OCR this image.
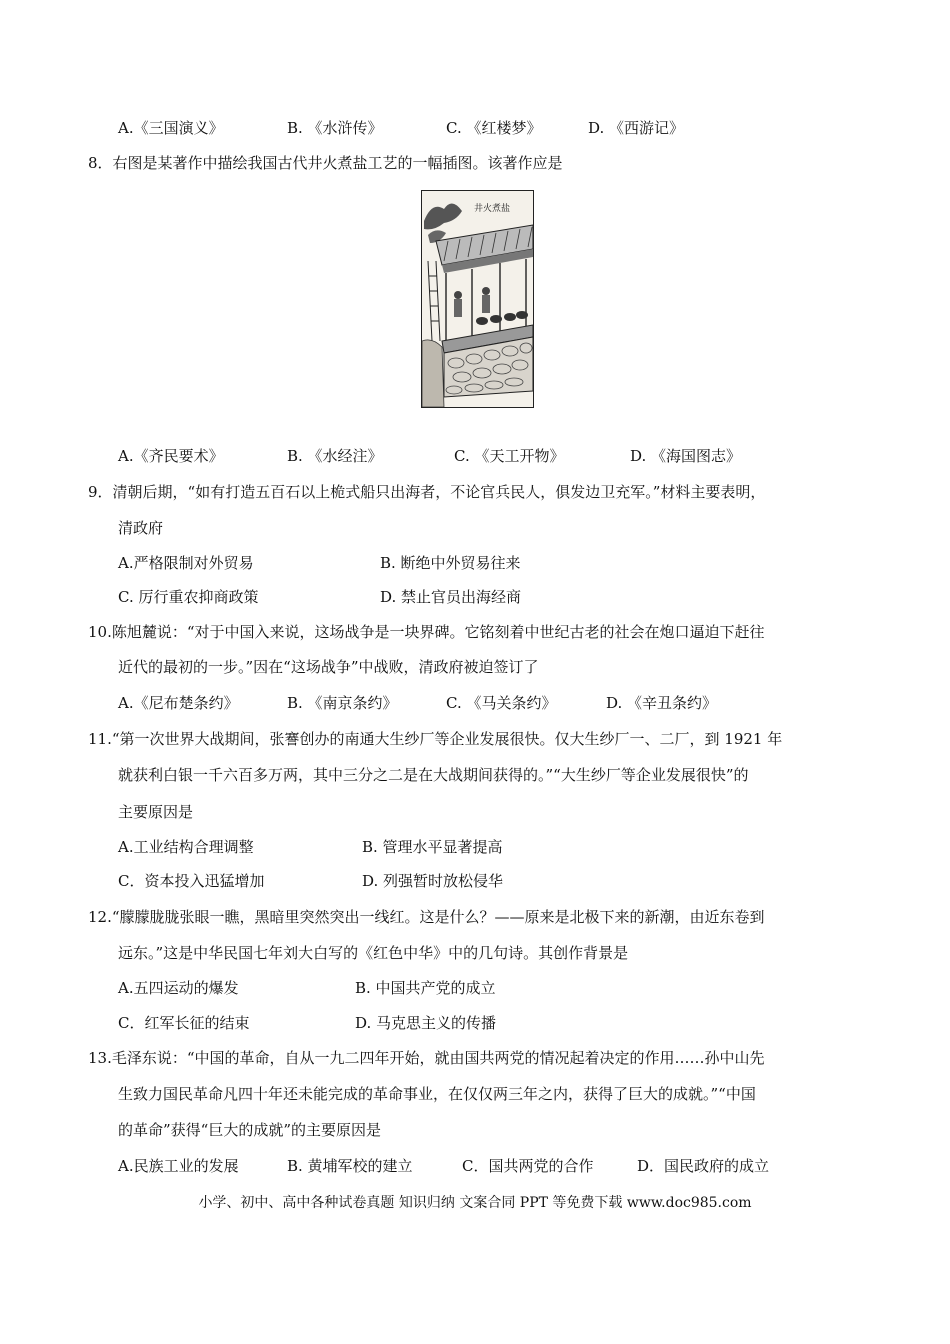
A.《三国演义》	B. 《水浒传》	C. 《红楼梦》	D. 《西游记》
8．右图是某著作中描绘我国古代井火煮盐工艺的一幅插图。该著作应是
井火煮盐
A.《齐民要术》	B. 《水经注》	C. 《天工开物》	D. 《海国图志》
9．清朝后期，“如有打造五百石以上桅式船只出海者，不论官兵民人，俱发边卫充军。”材料主要表明，
清政府
A.严格限制对外贸易	B. 断绝中外贸易往来
C. 厉行重农抑商政策	D. 禁止官员出海经商
10.陈旭麓说：“对于中国入来说，这场战争是一块界碑。它铭刻着中世纪古老的社会在炮口逼迫下赶往
近代的最初的一步。”因在“这场战争”中战败，清政府被迫签订了
A.《尼布楚条约》	B. 《南京条约》	C. 《马关条约》	D. 《辛丑条约》
11.“第一次世界大战期间，张謇创办的南通大生纱厂等企业发展很快。仅大生纱厂一、二厂，到 1921 年
就获利白银一千六百多万两，其中三分之二是在大战期间获得的。”“大生纱厂等企业发展很快”的
主要原因是
A.工业结构合理调整	B. 管理水平显著提高
C．资本投入迅猛增加	D. 列强暂时放松侵华
12.“朦朦胧胧张眼一瞧，黑暗里突然突出一线红。这是什么？——原来是北极下来的新潮，由近东卷到
远东。”这是中华民国七年刘大白写的《红色中华》中的几句诗。其创作背景是
A.五四运动的爆发	B. 中国共产党的成立
C．红军长征的结束	D. 马克思主义的传播
13.毛泽东说：“中国的革命，自从一九二四年开始，就由国共两党的情况起着决定的作用……孙中山先
生致力国民革命凡四十年还未能完成的革命事业，在仅仅两三年之内，获得了巨大的成就。”“中国
的革命”获得“巨大的成就”的主要原因是
A.民族工业的发展	B. 黄埔军校的建立	C．国共两党的合作	D．国民政府的成立
小学、初中、高中各种试卷真题 知识归纳 文案合同 PPT 等免费下载 www.doc985.com
